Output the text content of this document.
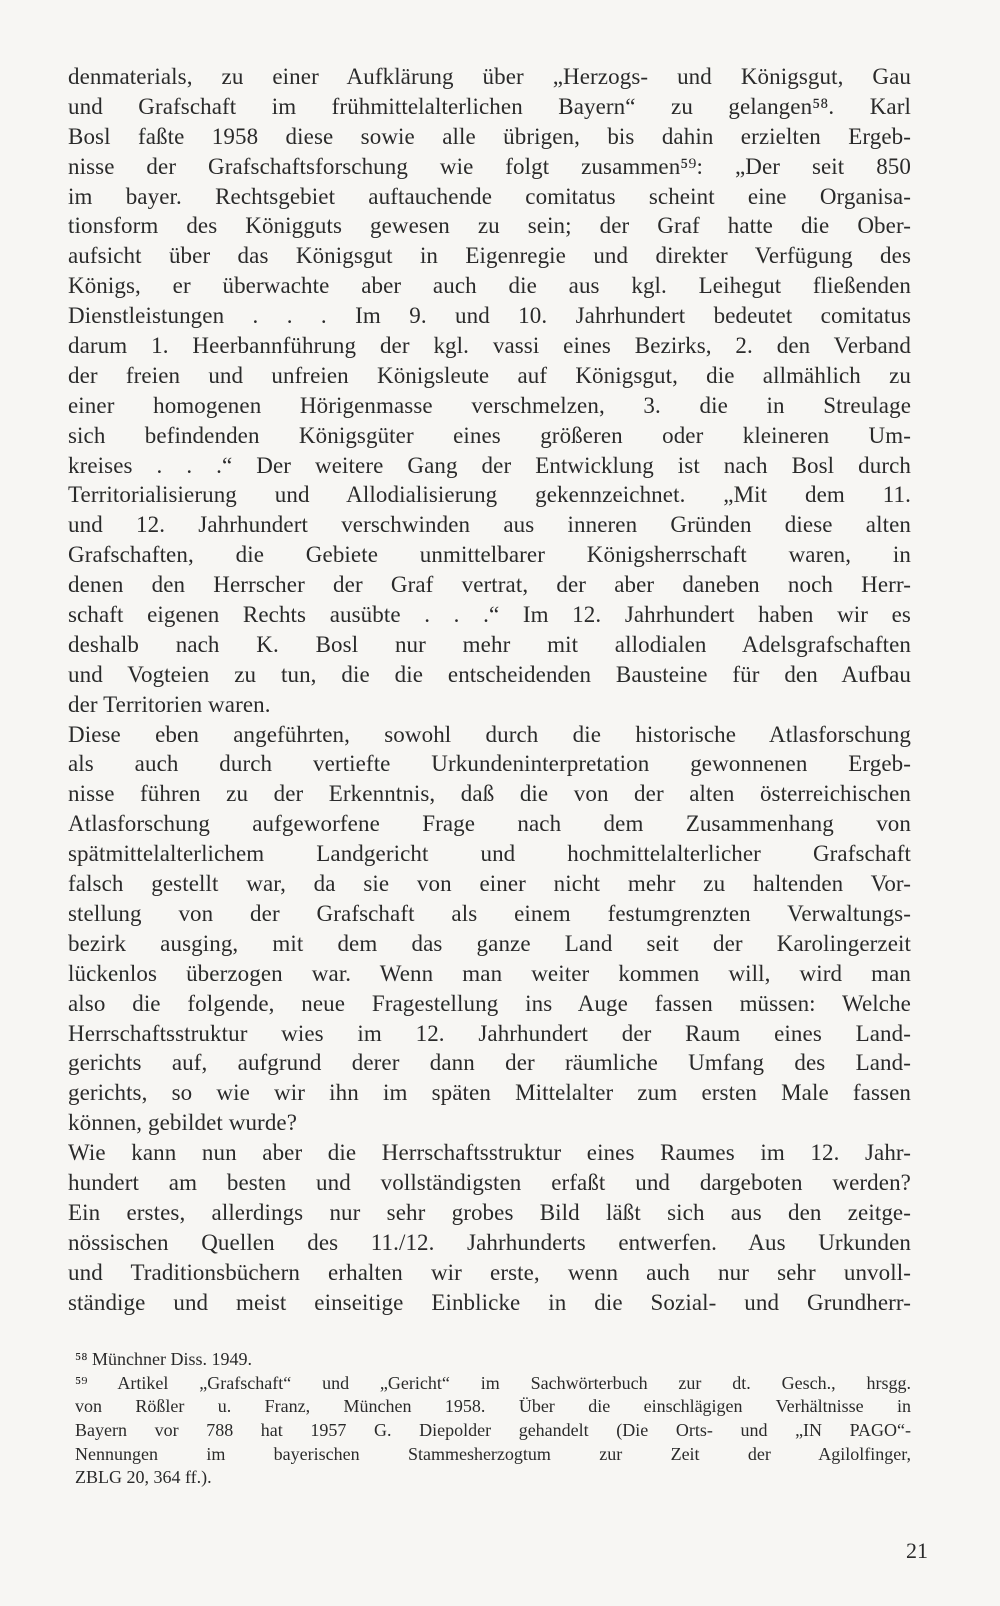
denmaterials, zu einer Aufklärung über „Herzogs- und Königsgut, Gau
und Grafschaft im frühmittelalterlichen Bayern“ zu gelangen⁵⁸. Karl
Bosl faßte 1958 diese sowie alle übrigen, bis dahin erzielten Ergeb-
nisse der Grafschaftsforschung wie folgt zusammen⁵⁹: „Der seit 850
im bayer. Rechtsgebiet auftauchende comitatus scheint eine Organisa-
tionsform des Königguts gewesen zu sein; der Graf hatte die Ober-
aufsicht über das Königsgut in Eigenregie und direkter Verfügung des
Königs, er überwachte aber auch die aus kgl. Leihegut fließenden
Dienstleistungen . . . Im 9. und 10. Jahrhundert bedeutet comitatus
darum 1. Heerbannführung der kgl. vassi eines Bezirks, 2. den Verband
der freien und unfreien Königsleute auf Königsgut, die allmählich zu
einer homogenen Hörigenmasse verschmelzen, 3. die in Streulage
sich befindenden Königsgüter eines größeren oder kleineren Um-
kreises . . .“ Der weitere Gang der Entwicklung ist nach Bosl durch
Territorialisierung und Allodialisierung gekennzeichnet. „Mit dem 11.
und 12. Jahrhundert verschwinden aus inneren Gründen diese alten
Grafschaften, die Gebiete unmittelbarer Königsherrschaft waren, in
denen den Herrscher der Graf vertrat, der aber daneben noch Herr-
schaft eigenen Rechts ausübte . . .“ Im 12. Jahrhundert haben wir es
deshalb nach K. Bosl nur mehr mit allodialen Adelsgrafschaften
und Vogteien zu tun, die die entscheidenden Bausteine für den Aufbau
der Territorien waren.
Diese eben angeführten, sowohl durch die historische Atlasforschung
als auch durch vertiefte Urkundeninterpretation gewonnenen Ergeb-
nisse führen zu der Erkenntnis, daß die von der alten österreichischen
Atlasforschung aufgeworfene Frage nach dem Zusammenhang von
spätmittelalterlichem Landgericht und hochmittelalterlicher Grafschaft
falsch gestellt war, da sie von einer nicht mehr zu haltenden Vor-
stellung von der Grafschaft als einem festumgrenzten Verwaltungs-
bezirk ausging, mit dem das ganze Land seit der Karolingerzeit
lückenlos überzogen war. Wenn man weiter kommen will, wird man
also die folgende, neue Fragestellung ins Auge fassen müssen: Welche
Herrschaftsstruktur wies im 12. Jahrhundert der Raum eines Land-
gerichts auf, aufgrund derer dann der räumliche Umfang des Land-
gerichts, so wie wir ihn im späten Mittelalter zum ersten Male fassen
können, gebildet wurde?
Wie kann nun aber die Herrschaftsstruktur eines Raumes im 12. Jahr-
hundert am besten und vollständigsten erfaßt und dargeboten werden?
Ein erstes, allerdings nur sehr grobes Bild läßt sich aus den zeitge-
nössischen Quellen des 11./12. Jahrhunderts entwerfen. Aus Urkunden
und Traditionsbüchern erhalten wir erste, wenn auch nur sehr unvoll-
ständige und meist einseitige Einblicke in die Sozial- und Grundherr-
⁵⁸ Münchner Diss. 1949.
⁵⁹ Artikel „Grafschaft“ und „Gericht“ im Sachwörterbuch zur dt. Gesch., hrsgg.
von Rößler u. Franz, München 1958. Über die einschlägigen Verhältnisse in
Bayern vor 788 hat 1957 G. Diepolder gehandelt (Die Orts- und „IN PAGO“-
Nennungen im bayerischen Stammesherzogtum zur Zeit der Agilolfinger,
ZBLG 20, 364 ff.).
21
